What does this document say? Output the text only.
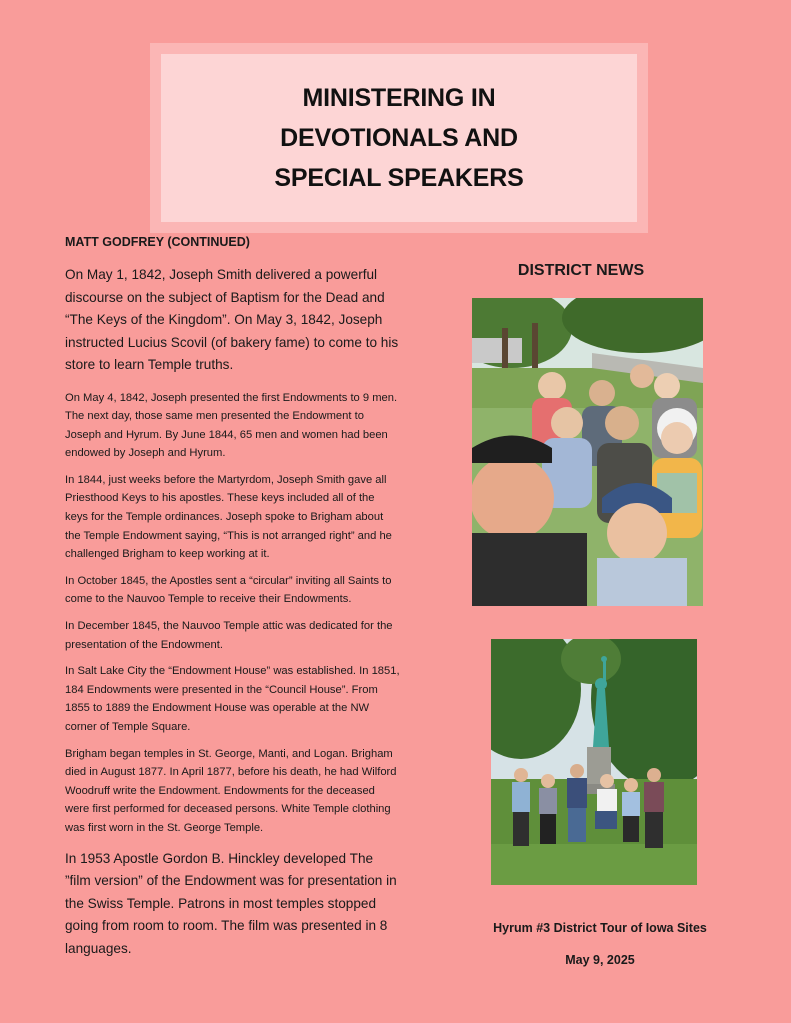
MINISTERING IN
DEVOTIONALS AND
SPECIAL SPEAKERS

MATT GODFREY (CONTINUED)

On May 1, 1842, Joseph Smith delivered a powerful discourse on the subject of Baptism for the Dead and “The Keys of the Kingdom”. On May 3, 1842, Joseph instructed Lucius Scovil (of bakery fame) to come to his store to learn Temple truths.

On May 4, 1842, Joseph presented the first Endowments to 9 men. The next day, those same men presented the Endowment to Joseph and Hyrum. By June 1844, 65 men and women had been endowed by Joseph and Hyrum.

In 1844, just weeks before the Martyrdom, Joseph Smith gave all Priesthood Keys to his apostles. These keys included all of the keys for the Temple ordinances. Joseph spoke to Brigham about the Temple Endowment saying, “This is not arranged right” and he challenged Brigham to keep working at it.

In October 1845, the Apostles sent a “circular” inviting all Saints to come to the Nauvoo Temple to receive their Endowments.

In December 1845, the Nauvoo Temple attic was dedicated for the presentation of the Endowment.

In Salt Lake City the “Endowment House” was established. In 1851, 184 Endowments were presented in the “Council House”. From 1855 to 1889 the Endowment House was operable at the NW corner of Temple Square.

Brigham began temples in St. George, Manti, and Logan. Brigham died in August 1877. In April 1877, before his death, he had Wilford Woodruff write the Endowment. Endowments for the deceased were first performed for deceased persons. White Temple clothing was first worn in the St. George Temple.

In 1953 Apostle Gordon B. Hinckley developed The ”film version” of the Endowment was for presentation in the Swiss Temple. Patrons in most temples stopped going from room to room. The film was presented in 8 languages.

DISTRICT NEWS
Hyrum #3 District Tour of Iowa Sites
May 9, 2025
